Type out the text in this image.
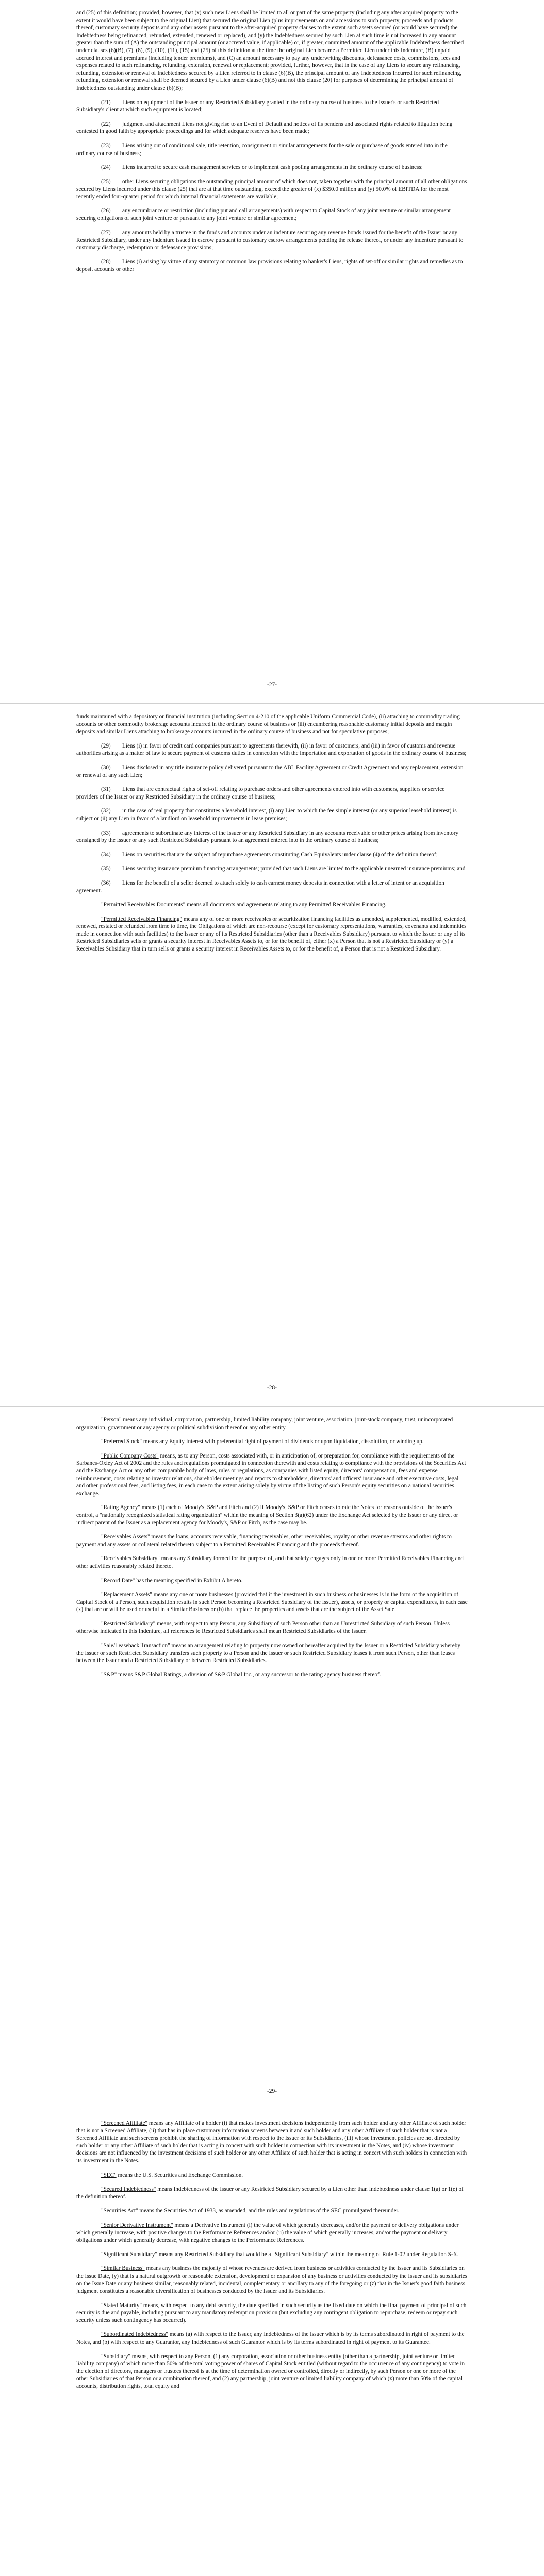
and (25) of this definition; provided, however, that (x) such new Liens shall be limited to all or part of the same property (including any after acquired property to the extent it would have been subject to the original Lien) that secured the original Lien (plus improvements on and accessions to such property, proceeds and products thereof, customary security deposits and any other assets pursuant to the after-acquired property clauses to the extent such assets secured (or would have secured) the Indebtedness being refinanced, refunded, extended, renewed or replaced), and (y) the Indebtedness secured by such Lien at such time is not increased to any amount greater than the sum of (A) the outstanding principal amount (or accreted value, if applicable) or, if greater, committed amount of the applicable Indebtedness described under clauses (6)(B), (7), (8), (9), (10), (11), (15) and (25) of this definition at the time the original Lien became a Permitted Lien under this Indenture, (B) unpaid accrued interest and premiums (including tender premiums), and (C) an amount necessary to pay any underwriting discounts, defeasance costs, commissions, fees and expenses related to such refinancing, refunding, extension, renewal or replacement; provided, further, however, that in the case of any Liens to secure any refinancing, refunding, extension or renewal of Indebtedness secured by a Lien referred to in clause (6)(B), the principal amount of any Indebtedness Incurred for such refinancing, refunding, extension or renewal shall be deemed secured by a Lien under clause (6)(B) and not this clause (20) for purposes of determining the principal amount of Indebtedness outstanding under clause (6)(B);

(21)   Liens on equipment of the Issuer or any Restricted Subsidiary granted in the ordinary course of business to the Issuer's or such Restricted Subsidiary's client at which such equipment is located;

(22)   judgment and attachment Liens not giving rise to an Event of Default and notices of lis pendens and associated rights related to litigation being contested in good faith by appropriate proceedings and for which adequate reserves have been made;

(23)   Liens arising out of conditional sale, title retention, consignment or similar arrangements for the sale or purchase of goods entered into in the ordinary course of business;

(24)   Liens incurred to secure cash management services or to implement cash pooling arrangements in the ordinary course of business;

(25)   other Liens securing obligations the outstanding principal amount of which does not, taken together with the principal amount of all other obligations secured by Liens incurred under this clause (25) that are at that time outstanding, exceed the greater of (x) $350.0 million and (y) 50.0% of EBITDA for the most recently ended four-quarter period for which internal financial statements are available;

(26)   any encumbrance or restriction (including put and call arrangements) with respect to Capital Stock of any joint venture or similar arrangement securing obligations of such joint venture or pursuant to any joint venture or similar agreement;

(27)   any amounts held by a trustee in the funds and accounts under an indenture securing any revenue bonds issued for the benefit of the Issuer or any Restricted Subsidiary, under any indenture issued in escrow pursuant to customary escrow arrangements pending the release thereof, or under any indenture pursuant to customary discharge, redemption or defeasance provisions;

(28)   Liens (i) arising by virtue of any statutory or common law provisions relating to banker's Liens, rights of set-off or similar rights and remedies as to deposit accounts or other

-27-

funds maintained with a depository or financial institution (including Section 4-210 of the applicable Uniform Commercial Code), (ii) attaching to commodity trading accounts or other commodity brokerage accounts incurred in the ordinary course of business or (iii) encumbering reasonable customary initial deposits and margin deposits and similar Liens attaching to brokerage accounts incurred in the ordinary course of business and not for speculative purposes;

(29)   Liens (i) in favor of credit card companies pursuant to agreements therewith, (ii) in favor of customers, and (iii) in favor of customs and revenue authorities arising as a matter of law to secure payment of customs duties in connection with the importation and exportation of goods in the ordinary course of business;

(30)   Liens disclosed in any title insurance policy delivered pursuant to the ABL Facility Agreement or Credit Agreement and any replacement, extension or renewal of any such Lien;

(31)   Liens that are contractual rights of set-off relating to purchase orders and other agreements entered into with customers, suppliers or service providers of the Issuer or any Restricted Subsidiary in the ordinary course of business;

(32)   in the case of real property that constitutes a leasehold interest, (i) any Lien to which the fee simple interest (or any superior leasehold interest) is subject or (ii) any Lien in favor of a landlord on leasehold improvements in lease premises;

(33)   agreements to subordinate any interest of the Issuer or any Restricted Subsidiary in any accounts receivable or other prices arising from inventory consigned by the Issuer or any such Restricted Subsidiary pursuant to an agreement entered into in the ordinary course of business;

(34)   Liens on securities that are the subject of repurchase agreements constituting Cash Equivalents under clause (4) of the definition thereof;

(35)   Liens securing insurance premium financing arrangements; provided that such Liens are limited to the applicable unearned insurance premiums; and

(36)   Liens for the benefit of a seller deemed to attach solely to cash earnest money deposits in connection with a letter of intent or an acquisition agreement.

"Permitted Receivables Documents" means all documents and agreements relating to any Permitted Receivables Financing.

"Permitted Receivables Financing" means any of one or more receivables or securitization financing facilities as amended, supplemented, modified, extended, renewed, restated or refunded from time to time, the Obligations of which are non-recourse (except for customary representations, warranties, covenants and indemnities made in connection with such facilities) to the Issuer or any of its Restricted Subsidiaries (other than a Receivables Subsidiary) pursuant to which the Issuer or any of its Restricted Subsidiaries sells or grants a security interest in Receivables Assets to, or for the benefit of, either (x) a Person that is not a Restricted Subsidiary or (y) a Receivables Subsidiary that in turn sells or grants a security interest in Receivables Assets to, or for the benefit of, a Person that is not a Restricted Subsidiary.

-28-

"Person" means any individual, corporation, partnership, limited liability company, joint venture, association, joint-stock company, trust, unincorporated organization, government or any agency or political subdivision thereof or any other entity.

"Preferred Stock" means any Equity Interest with preferential right of payment of dividends or upon liquidation, dissolution, or winding up.

"Public Company Costs" means, as to any Person, costs associated with, or in anticipation of, or preparation for, compliance with the requirements of the Sarbanes-Oxley Act of 2002 and the rules and regulations promulgated in connection therewith and costs relating to compliance with the provisions of the Securities Act and the Exchange Act or any other comparable body of laws, rules or regulations, as companies with listed equity, directors' compensation, fees and expense reimbursement, costs relating to investor relations, shareholder meetings and reports to shareholders, directors' and officers' insurance and other executive costs, legal and other professional fees, and listing fees, in each case to the extent arising solely by virtue of the listing of such Person's equity securities on a national securities exchange.

"Rating Agency" means (1) each of Moody's, S&P and Fitch and (2) if Moody's, S&P or Fitch ceases to rate the Notes for reasons outside of the Issuer's control, a "nationally recognized statistical rating organization" within the meaning of Section 3(a)(62) under the Exchange Act selected by the Issuer or any direct or indirect parent of the Issuer as a replacement agency for Moody's, S&P or Fitch, as the case may be.

"Receivables Assets" means the loans, accounts receivable, financing receivables, other receivables, royalty or other revenue streams and other rights to payment and any assets or collateral related thereto subject to a Permitted Receivables Financing and the proceeds thereof.

"Receivables Subsidiary" means any Subsidiary formed for the purpose of, and that solely engages only in one or more Permitted Receivables Financing and other activities reasonably related thereto.

"Record Date" has the meaning specified in Exhibit A hereto.

"Replacement Assets" means any one or more businesses (provided that if the investment in such business or businesses is in the form of the acquisition of Capital Stock of a Person, such acquisition results in such Person becoming a Restricted Subsidiary of the Issuer), assets, or property or capital expenditures, in each case (x) that are or will be used or useful in a Similar Business or (b) that replace the properties and assets that are the subject of the Asset Sale.

"Restricted Subsidiary" means, with respect to any Person, any Subsidiary of such Person other than an Unrestricted Subsidiary of such Person. Unless otherwise indicated in this Indenture, all references to Restricted Subsidiaries shall mean Restricted Subsidiaries of the Issuer.

"Sale/Leaseback Transaction" means an arrangement relating to property now owned or hereafter acquired by the Issuer or a Restricted Subsidiary whereby the Issuer or such Restricted Subsidiary transfers such property to a Person and the Issuer or such Restricted Subsidiary leases it from such Person, other than leases between the Issuer and a Restricted Subsidiary or between Restricted Subsidiaries.

"S&P" means S&P Global Ratings, a division of S&P Global Inc., or any successor to the rating agency business thereof.

-29-

"Screened Affiliate" means any Affiliate of a holder (i) that makes investment decisions independently from such holder and any other Affiliate of such holder that is not a Screened Affiliate, (ii) that has in place customary information screens between it and such holder and any other Affiliate of such holder that is not a Screened Affiliate and such screens prohibit the sharing of information with respect to the Issuer or its Subsidiaries, (iii) whose investment policies are not directed by such holder or any other Affiliate of such holder that is acting in concert with such holder in connection with its investment in the Notes, and (iv) whose investment decisions are not influenced by the investment decisions of such holder or any other Affiliate of such holder that is acting in concert with such holders in connection with its investment in the Notes.

"SEC" means the U.S. Securities and Exchange Commission.

"Secured Indebtedness" means Indebtedness of the Issuer or any Restricted Subsidiary secured by a Lien other than Indebtedness under clause 1(a) or 1(e) of the definition thereof.

"Securities Act" means the Securities Act of 1933, as amended, and the rules and regulations of the SEC promulgated thereunder.

"Senior Derivative Instrument" means a Derivative Instrument (i) the value of which generally decreases, and/or the payment or delivery obligations under which generally increase, with positive changes to the Performance References and/or (ii) the value of which generally increases, and/or the payment or delivery obligations under which generally decrease, with negative changes to the Performance References.

"Significant Subsidiary" means any Restricted Subsidiary that would be a "Significant Subsidiary" within the meaning of Rule 1-02 under Regulation S-X.

"Similar Business" means any business the majority of whose revenues are derived from business or activities conducted by the Issuer and its Subsidiaries on the Issue Date, (y) that is a natural outgrowth or reasonable extension, development or expansion of any business or activities conducted by the Issuer and its subsidiaries on the Issue Date or any business similar, reasonably related, incidental, complementary or ancillary to any of the foregoing or (z) that in the Issuer's good faith business judgment constitutes a reasonable diversification of businesses conducted by the Issuer and its Subsidiaries.

"Stated Maturity" means, with respect to any debt security, the date specified in such security as the fixed date on which the final payment of principal of such security is due and payable, including pursuant to any mandatory redemption provision (but excluding any contingent obligation to repurchase, redeem or repay such security unless such contingency has occurred).

"Subordinated Indebtedness" means (a) with respect to the Issuer, any Indebtedness of the Issuer which is by its terms subordinated in right of payment to the Notes, and (b) with respect to any Guarantor, any Indebtedness of such Guarantor which is by its terms subordinated in right of payment to its Guarantee.

"Subsidiary" means, with respect to any Person, (1) any corporation, association or other business entity (other than a partnership, joint venture or limited liability company) of which more than 50% of the total voting power of shares of Capital Stock entitled (without regard to the occurrence of any contingency) to vote in the election of directors, managers or trustees thereof is at the time of determination owned or controlled, directly or indirectly, by such Person or one or more of the other Subsidiaries of that Person or a combination thereof, and (2) any partnership, joint venture or limited liability company of which (x) more than 50% of the capital accounts, distribution rights, total equity and
